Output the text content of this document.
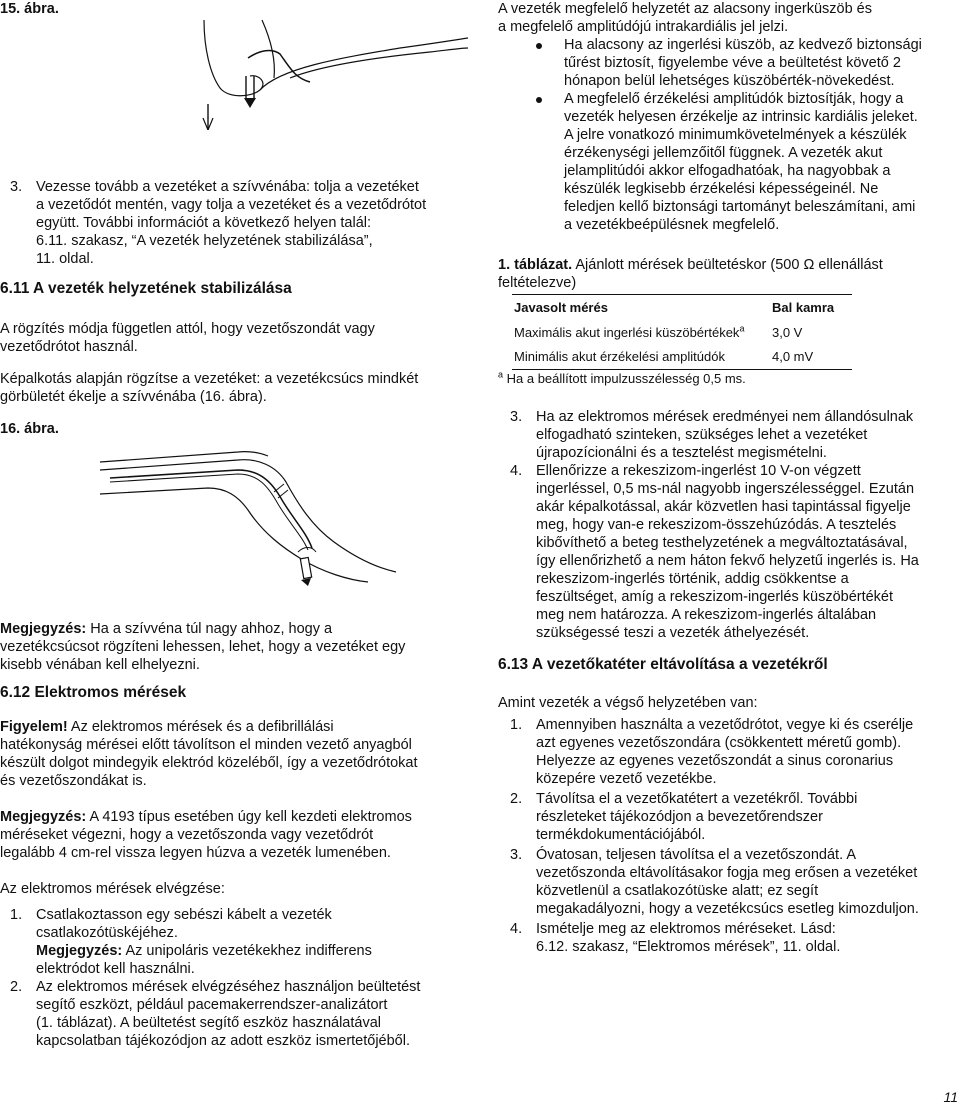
15. ábra.
3. Vezesse tovább a vezetéket a szívvénába: tolja a vezetéket

a vezetődót mentén, vagy tolja a vezetéket és a vezetődrótot

együtt. További információt a következő helyen talál:

6.11. szakasz, “A vezeték helyzetének stabilizálása”,

11. oldal.

6.11 A vezeték helyzetének stabilizálása

A rögzítés módja független attól, hogy vezetőszondát vagy

vezetődrótot használ.

Képalkotás alapján rögzítse a vezetéket: a vezetékcsúcs mindkét

görbületét ékelje a szívvénába (16. ábra).

16. ábra.

Megjegyzés: Ha a szívvéna túl nagy ahhoz, hogy a

vezetékcsúcsot rögzíteni lehessen, lehet, hogy a vezetéket egy

kisebb vénában kell elhelyezni.

6.12 Elektromos mérések

Figyelem! Az elektromos mérések és a defibrillálási

hatékonyság mérései előtt távolítson el minden vezető anyagból

készült dolgot mindegyik elektród közeléből, így a vezetődrótokat

és vezetőszondákat is.

Megjegyzés: A 4193 típus esetében úgy kell kezdeti elektromos

méréseket végezni, hogy a vezetőszonda vagy vezetődrót

legalább 4 cm-rel vissza legyen húzva a vezeték lumenében.

Az elektromos mérések elvégzése:
1. Csatlakoztasson egy sebészi kábelt a vezeték

csatlakozótüskéjéhez.

Megjegyzés: Az unipoláris vezetékekhez indifferens

elektródot kell használni.

2. Az elektromos mérések elvégzéséhez használjon beültetést

segítő eszközt, például pacemakerrendszer-analizátort

(1. táblázat). A beültetést segítő eszköz használatával

kapcsolatban tájékozódjon az adott eszköz ismertetőjéből.

A vezeték megfelelő helyzetét az alacsony ingerküszöb és

a megfelelő amplitúdójú intrakardiális jel jelzi.

Ha alacsony az ingerlési küszöb, az kedvező biztonsági

tűrést biztosít, figyelembe véve a beültetést követő 2

hónapon belül lehetséges küszöbérték-növekedést.

A megfelelő érzékelési amplitúdók biztosítják, hogy a

vezeték helyesen érzékelje az intrinsic kardiális jeleket.

A jelre vonatkozó minimumkövetelmények a készülék

érzékenységi jellemzőitől függnek. A vezeték akut

jelamplitúdói akkor elfogadhatóak, ha nagyobbak a

készülék legkisebb érzékelési képességeinél. Ne

feledjen kellő biztonsági tartományt beleszámítani, ami

a vezetékbeépülésnek megfelelő.

1. táblázat. Ajánlott mérések beültetéskor (500 Ω ellenállást

feltételezve)

Javasolt mérés	Bal kamra
Maximális akut ingerlési küszöbértékek$^a$	3,0 V
Minimális akut érzékelési amplitúdók	4,0 mV
$^a$ Ha a beállított impulzusszélesség 0,5 ms.
3. Ha az elektromos mérések eredményei nem állandósulnak

elfogadható szinteken, szükséges lehet a vezetéket

újrapozícionálni és a tesztelést megismételni.

4. Ellenőrizze a rekeszizom-ingerlést 10 V-on végzett

ingerléssel, 0,5 ms-nál nagyobb ingerszélességgel. Ezután

akár képalkotással, akár közvetlen hasi tapintással figyelje

meg, hogy van-e rekeszizom-összehúzódás. A tesztelés

kibővíthető a beteg testhelyzetének a megváltoztatásával,

így ellenőrizhető a nem háton fekvő helyzetű ingerlés is. Ha

rekeszizom-ingerlés történik, addig csökkentse a

feszültséget, amíg a rekeszizom-ingerlés küszöbértékét

meg nem határozza. A rekeszizom-ingerlés általában

szükségessé teszi a vezeték áthelyezését.

6.13 A vezetőkatéter eltávolítása a vezetékről
Amint vezeték a végső helyzetében van:
1. Amennyiben használta a vezetődrótot, vegye ki és cserélje

azt egyenes vezetőszondára (csökkentett méretű gomb).

Helyezze az egyenes vezetőszondát a sinus coronarius

közepére vezető vezetékbe.

2. Távolítsa el a vezetőkatétert a vezetékről. További

részleteket tájékozódjon a bevezetőrendszer

termékdokumentációjából.

3. Óvatosan, teljesen távolítsa el a vezetőszondát. A

vezetőszonda eltávolításakor fogja meg erősen a vezetéket

közvetlenül a csatlakozótüske alatt; ez segít

megakadályozni, hogy a vezetékcsúcs esetleg kimozduljon.

4. Ismételje meg az elektromos méréseket. Lásd:

6.12. szakasz, “Elektromos mérések”, 11. oldal.

11
